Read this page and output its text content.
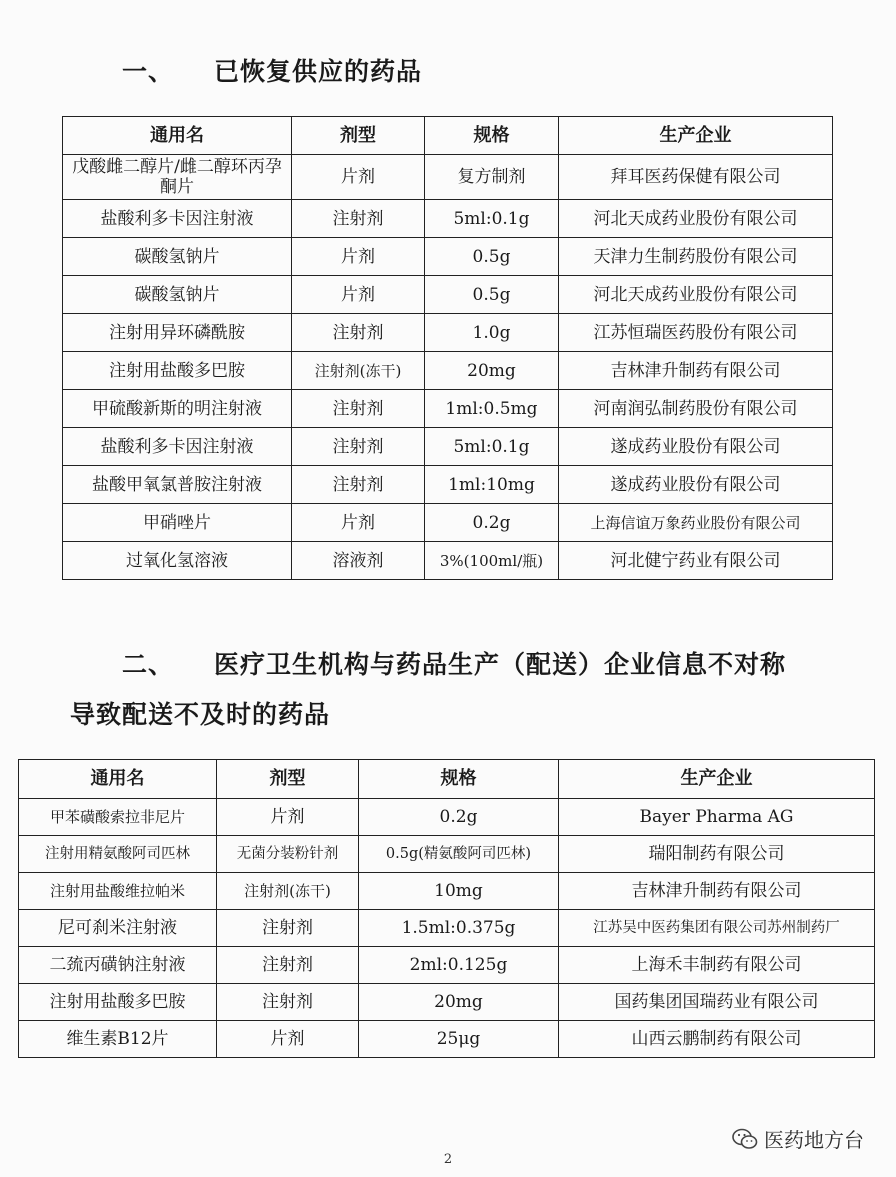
一、 已恢复供应的药品
通用名	剂型	规格	生产企业
戊酸雌二醇片/雌二醇环丙孕酮片	片剂	复方制剂	拜耳医药保健有限公司
盐酸利多卡因注射液	注射剂	5ml:0.1g	河北天成药业股份有限公司
碳酸氢钠片	片剂	0.5g	天津力生制药股份有限公司
碳酸氢钠片	片剂	0.5g	河北天成药业股份有限公司
注射用异环磷酰胺	注射剂	1.0g	江苏恒瑞医药股份有限公司
注射用盐酸多巴胺	注射剂(冻干)	20mg	吉林津升制药有限公司
甲硫酸新斯的明注射液	注射剂	1ml:0.5mg	河南润弘制药股份有限公司
盐酸利多卡因注射液	注射剂	5ml:0.1g	遂成药业股份有限公司
盐酸甲氧氯普胺注射液	注射剂	1ml:10mg	遂成药业股份有限公司
甲硝唑片	片剂	0.2g	上海信谊万象药业股份有限公司
过氧化氢溶液	溶液剂	3%(100ml/瓶)	河北健宁药业有限公司
二、 医疗卫生机构与药品生产（配送）企业信息不对称
导致配送不及时的药品
通用名	剂型	规格	生产企业
甲苯磺酸索拉非尼片	片剂	0.2g	Bayer Pharma AG
注射用精氨酸阿司匹林	无菌分装粉针剂	0.5g(精氨酸阿司匹林)	瑞阳制药有限公司
注射用盐酸维拉帕米	注射剂(冻干)	10mg	吉林津升制药有限公司
尼可刹米注射液	注射剂	1.5ml:0.375g	江苏吴中医药集团有限公司苏州制药厂
二巯丙磺钠注射液	注射剂	2ml:0.125g	上海禾丰制药有限公司
注射用盐酸多巴胺	注射剂	20mg	国药集团国瑞药业有限公司
维生素B12片	片剂	25μg	山西云鹏制药有限公司
医药地方台
2
